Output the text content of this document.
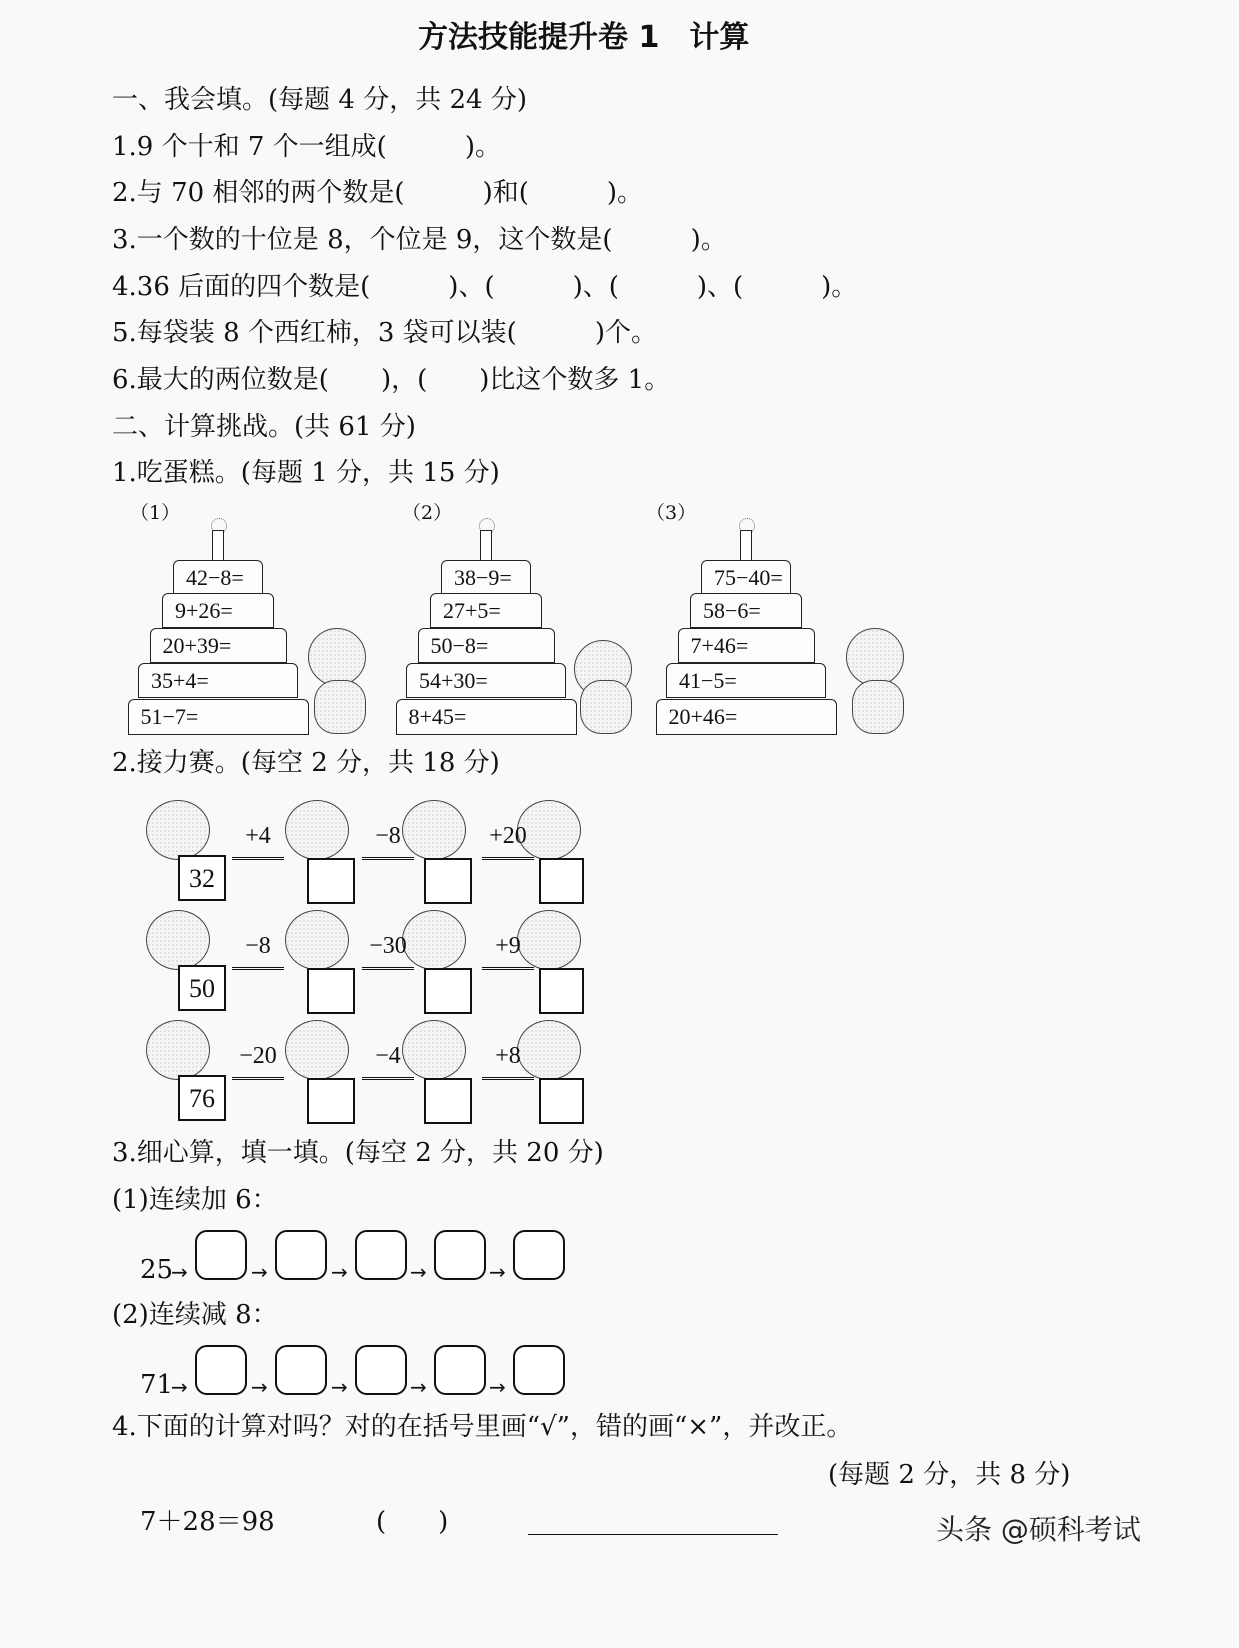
方法技能提升卷 1　计算
一、我会填。(每题 4 分，共 24 分)
1.9 个十和 7 个一组成(　　　)。
2.与 70 相邻的两个数是(　　　)和(　　　)。
3.一个数的十位是 8，个位是 9，这个数是(　　　)。
4.36 后面的四个数是(　　　)、(　　　)、(　　　)、(　　　)。
5.每袋装 8 个西红柿，3 袋可以装(　　　)个。
6.最大的两位数是(　　)，(　　)比这个数多 1。
二、计算挑战。(共 61 分)
1.吃蛋糕。(每题 1 分，共 15 分)
2.接力赛。(每空 2 分，共 18 分)
3.细心算，填一填。(每空 2 分，共 20 分)
(1)连续加 6：
(2)连续减 8：
4.下面的计算对吗？对的在括号里画“√”，错的画“×”，并改正。
(每题 2 分，共 8 分)
7＋28＝98	(　　)	头条 @硕科考试
（1）
42−8=
9+26=
20+39=
35+4=
51−7=
（2）
38−9=
27+5=
50−8=
54+30=
8+45=
（3）
75−40=
58−6=
7+46=
41−5=
20+46=
32
+4	−8	+20
50
−8	−30	+9
76
−20	−4	+8
25
→	→	→	→	→
71
→	→	→	→	→
